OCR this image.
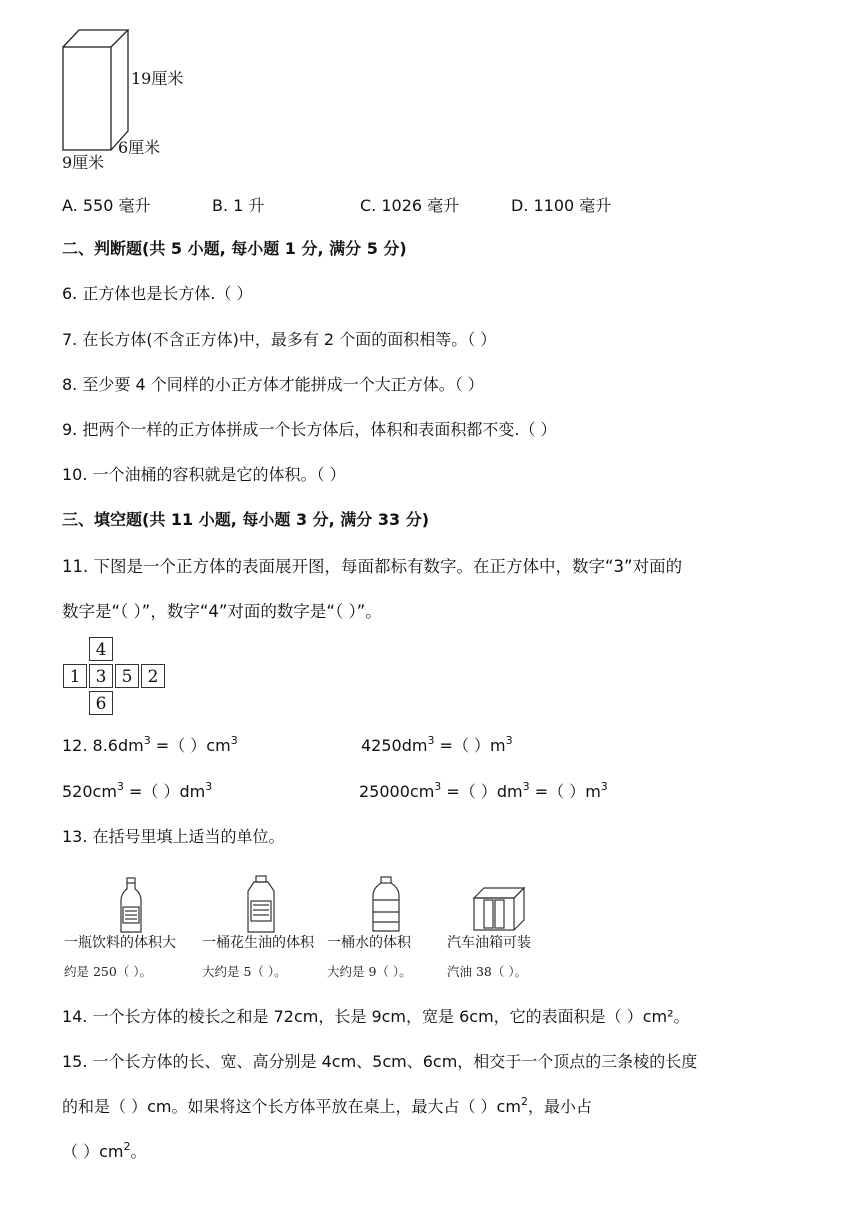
19厘米
6厘米
9厘米
A. 550 毫升	B. 1 升	C. 1026 毫升	D. 1100 毫升
二、判断题(共 5 小题, 每小题 1 分, 满分 5 分)
6. 正方体也是长方体.（ ）
7. 在长方体(不含正方体)中，最多有 2 个面的面积相等。（ ）
8. 至少要 4 个同样的小正方体才能拼成一个大正方体。（ ）
9. 把两个一样的正方体拼成一个长方体后，体积和表面积都不变.（ ）
10. 一个油桶的容积就是它的体积。（ ）
三、填空题(共 11 小题, 每小题 3 分, 满分 33 分)
11. 下图是一个正方体的表面展开图，每面都标有数字。在正方体中，数字“3”对面的
数字是“（ ）”，数字“4”对面的数字是“（ ）”。
4
1 3 5 2
6
12. $8.6dm^3$ =（ ）$cm^3$	$4250dm^3$ =（ ）$m^3$
$520cm^3$ =（ ）$dm^3$	$25000cm^3$ =（ ）$dm^3$ =（ ）$m^3$
13. 在括号里填上适当的单位。
一瓶饮料的体积大
约是 250（ ）。
一桶花生油的体积
大约是 5（ ）。
一桶水的体积
大约是 9（ ）。
汽车油箱可装
汽油 38（ ）。
14. 一个长方体的棱长之和是 72cm，长是 9cm，宽是 6cm，它的表面积是（ ）cm²。
15. 一个长方体的长、宽、高分别是 4cm、5cm、6cm，相交于一个顶点的三条棱的长度
的和是（ ）cm。如果将这个长方体平放在桌上，最大占（ ）$cm^2$，最小占
（ ）$cm^2$。
